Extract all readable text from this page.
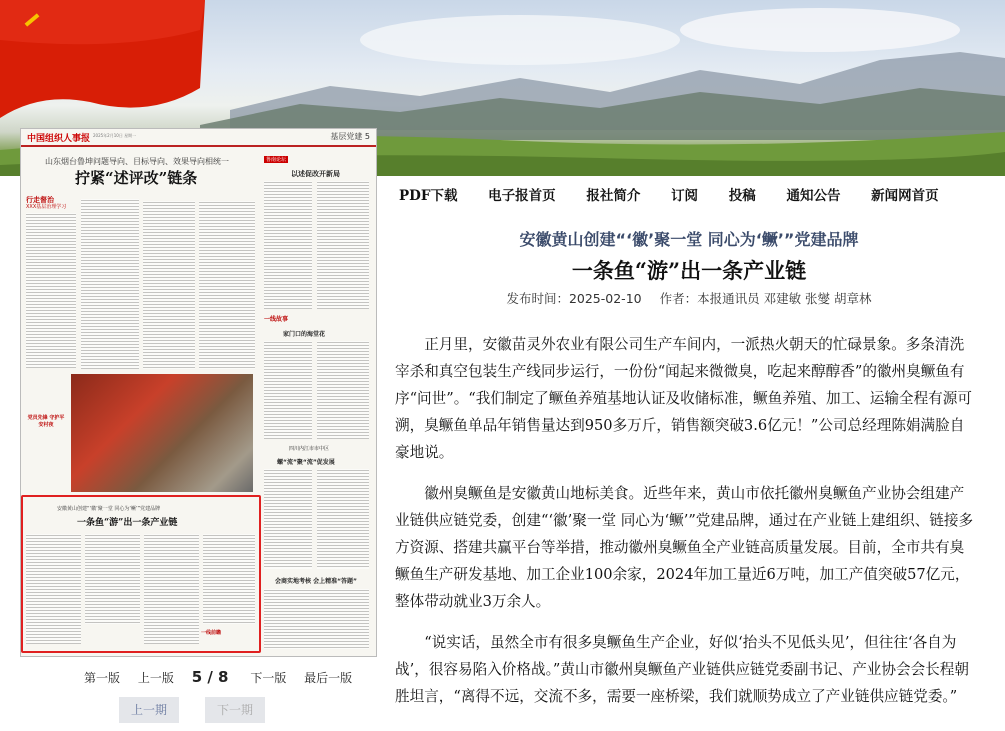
中国组织人事报 2025年2月10日 星期一	基层党建 5
山东烟台鲁坤问题导向、目标导向、效果导向相统一
拧紧“述评改”链条
行走督治
XXX基层治理学习
鲁南论坛
以述促改开新局
一线故事
家门口的海堂花
党员先锋 守护平安村夜
四川内江市市中区
螺“流”聚“流”促发展
会商实地考核 会上精准“答题”
安徽黄山创建“‘徽’聚一堂 同心为‘鳜’”党建品牌
一条鱼“游”出一条产业链
一线前瞻
第一版 上一版 5 / 8 下一版 最后一版
上一期	下一期
PDF下载 电子报首页 报社简介 订阅 投稿 通知公告 新闻网首页
安徽黄山创建“‘徽’聚一堂 同心为‘鳜’”党建品牌
一条鱼“游”出一条产业链
发布时间：2025-02-10 作者：本报通讯员 邓建敏 张燮 胡章林

正月里，安徽苗灵外农业有限公司生产车间内，一派热火朝天的忙碌景象。多条清洗宰杀和真空包装生产线同步运行，一份份“闻起来微微臭，吃起来醇醇香”的徽州臭鳜鱼有序“问世”。“我们制定了鳜鱼养殖基地认证及收储标准，鳜鱼养殖、加工、运输全程有源可溯，臭鳜鱼单品年销售量达到950多万斤，销售额突破3.6亿元！”公司总经理陈娟满脸自豪地说。

徽州臭鳜鱼是安徽黄山地标美食。近些年来，黄山市依托徽州臭鳜鱼产业协会组建产业链供应链党委，创建“‘徽’聚一堂 同心为‘鳜’”党建品牌，通过在产业链上建组织、链接多方资源、搭建共赢平台等举措，推动徽州臭鳜鱼全产业链高质量发展。目前，全市共有臭鳜鱼生产研发基地、加工企业100余家，2024年加工量近6万吨，加工产值突破57亿元，整体带动就业3万余人。

“说实话，虽然全市有很多臭鳜鱼生产企业，好似‘抬头不见低头见’，但往往‘各自为战’，很容易陷入价格战。”黄山市徽州臭鳜鱼产业链供应链党委副书记、产业协会会长程朝胜坦言，“离得不远，交流不多，需要一座桥梁，我们就顺势成立了产业链供应链党委。”
